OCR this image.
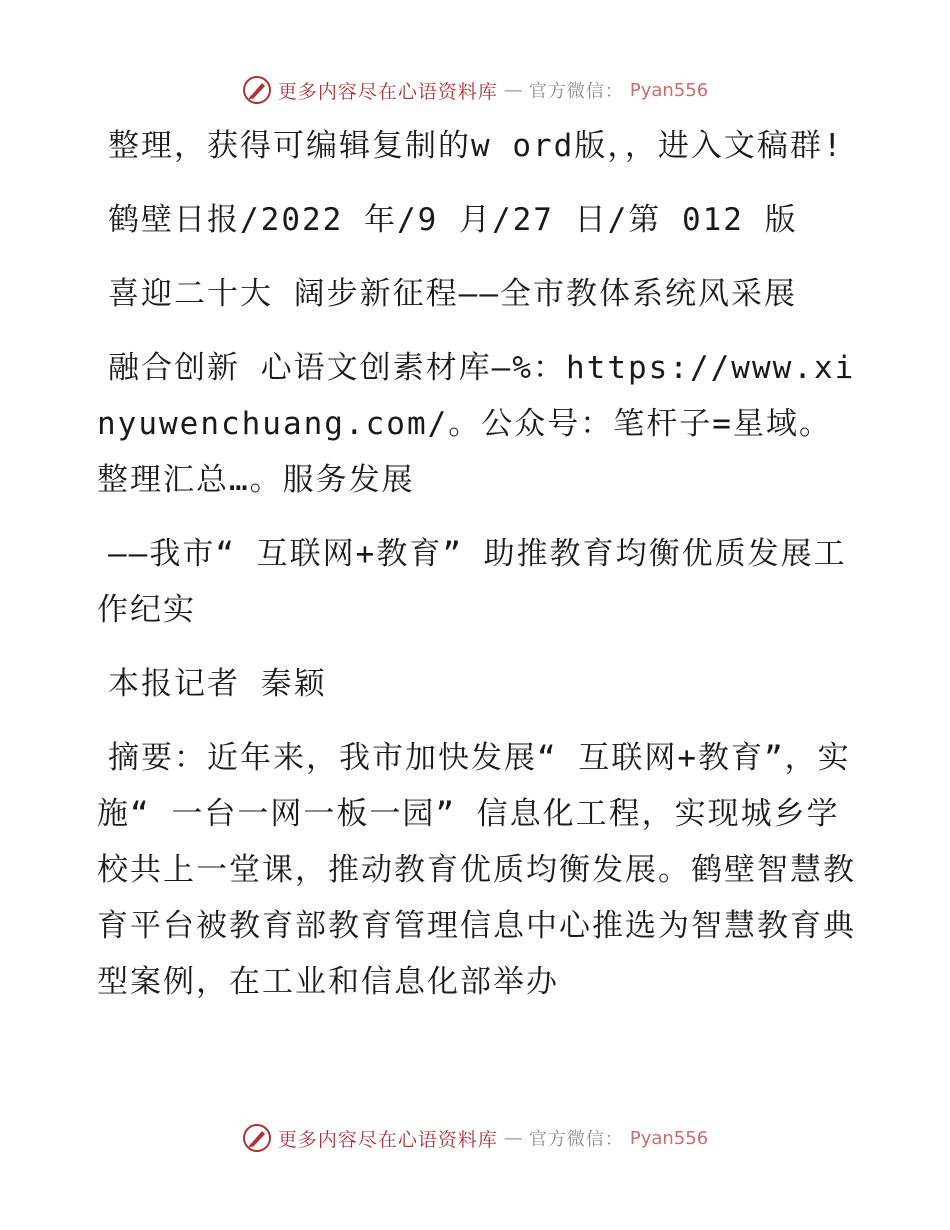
更多内容尽在心语资料库 — 官方微信： Pyan556

整理，获得可编辑复制的w ord版，，进入文稿群!

鹤壁日报/2022 年/9 月/27 日/第 012 版

喜迎二十大 阔步新征程——全市教体系统风采展

融合创新 心语文创素材库—%：https://www.xinyuwenchuang.com/。公众号：笔杆子=星域。整理汇总…。服务发展

——我市“ 互联网+教育” 助推教育均衡优质发展工作纪实

本报记者 秦颖

摘要：近年来，我市加快发展“ 互联网+教育”，实施“ 一台一网一板一园” 信息化工程，实现城乡学校共上一堂课，推动教育优质均衡发展。鹤壁智慧教育平台被教育部教育管理信息中心推选为智慧教育典型案例，在工业和信息化部举办

更多内容尽在心语资料库 — 官方微信： Pyan556
